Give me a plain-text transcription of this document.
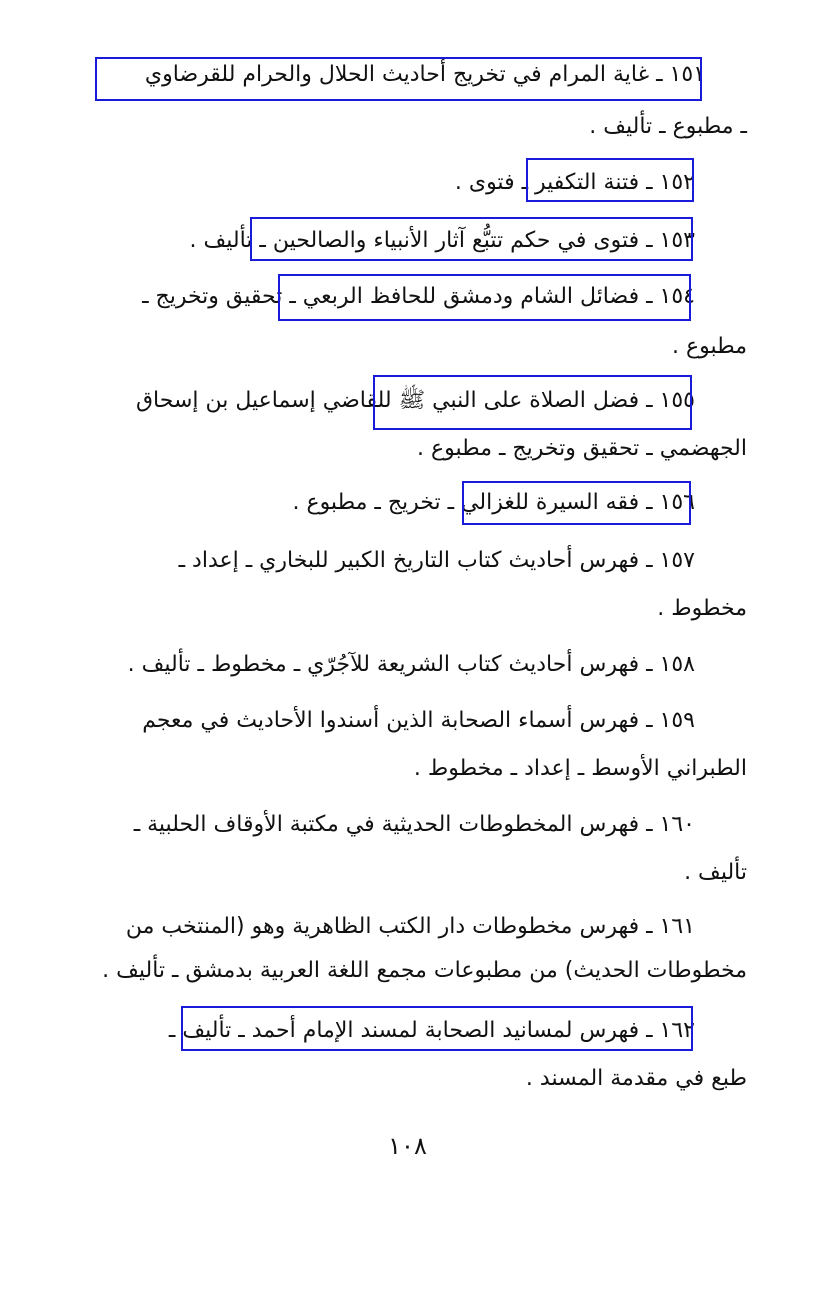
١٥١ ـ غاية المرام في تخريج أحاديث الحلال والحرام للقرضاوي
ـ مطبوع ـ تأليف .
١٥٢ ـ فتنة التكفير ـ فتوى .
١٥٣ ـ فتوى في حكم تتبُّع آثار الأنبياء والصالحين ـ تأليف .
١٥٤ ـ فضائل الشام ودمشق للحافظ الربعي ـ تحقيق وتخريج ـ
مطبوع .
١٥٥ ـ فضل الصلاة على النبي ﷺ للقاضي إسماعيل بن إسحاق
الجهضمي ـ تحقيق وتخريج ـ مطبوع .
١٥٦ ـ فقه السيرة للغزالي ـ تخريج ـ مطبوع .
١٥٧ ـ فهرس أحاديث كتاب التاريخ الكبير للبخاري ـ إعداد ـ
مخطوط .
١٥٨ ـ فهرس أحاديث كتاب الشريعة للآجُرّي ـ مخطوط ـ تأليف .
١٥٩ ـ فهرس أسماء الصحابة الذين أسندوا الأحاديث في معجم
الطبراني الأوسط ـ إعداد ـ مخطوط .
١٦٠ ـ فهرس المخطوطات الحديثية في مكتبة الأوقاف الحلبية ـ
تأليف .
١٦١ ـ فهرس مخطوطات دار الكتب الظاهرية وهو (المنتخب من
مخطوطات الحديث) من مطبوعات مجمع اللغة العربية بدمشق ـ تأليف .
١٦٢ ـ فهرس لمسانيد الصحابة لمسند الإمام أحمد ـ تأليف ـ
طبع في مقدمة المسند .
١٠٨
